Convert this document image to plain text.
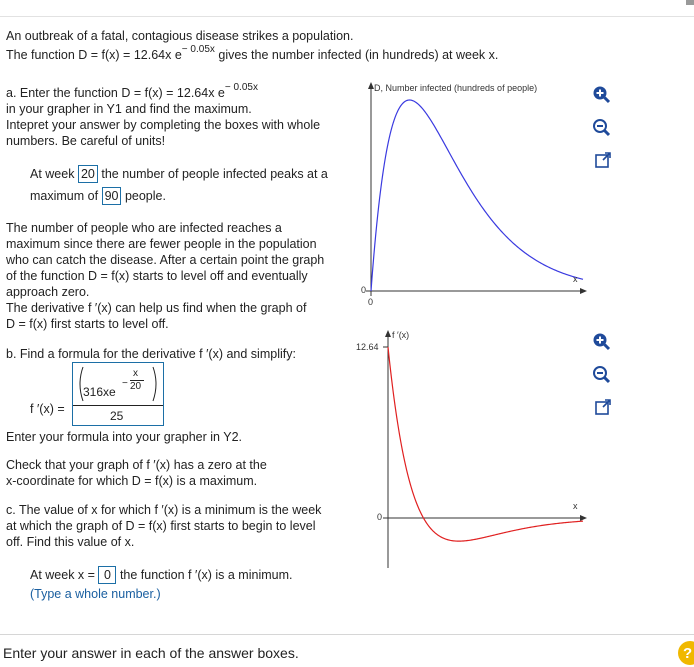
An outbreak of a fatal, contagious disease strikes a population.
The function D = f(x) = 12.64x $e^{- 0.05x}$ gives the number infected (in hundreds) at week x.
a. Enter the function D = f(x) = 12.64x $e^{- 0.05x}$
in your grapher in Y1 and find the maximum.
Intepret your answer by completing the boxes with whole
numbers. Be careful of units!
At week 20 the number of people infected peaks at a
maximum of 90 people.
The number of people who are infected reaches a
maximum since there are fewer people in the population
who can catch the disease. After a certain point the graph
of the function D = f(x) starts to level off and eventually
approach zero.
The derivative f ′(x) can help us find when the graph of
D = f(x) first starts to level off.
b. Find a formula for the derivative f ′(x) and simplify:
f ′(x) =
316xe
−
x
20
25
Enter your formula into your grapher in Y2.
Check that your graph of f ′(x) has a zero at the
x-coordinate for which D = f(x) is a maximum.
c. The value of x for which f ′(x) is a minimum is the week
at which the graph of D = f(x) first starts to begin to level
off. Find this value of x.
At week x = 0 the function f ′(x) is a minimum.
(Type a whole number.)
Enter your answer in each of the answer boxes.	?
D, Number infected (hundreds of people)
x
0
0
f ′(x)
12.64
x
0
